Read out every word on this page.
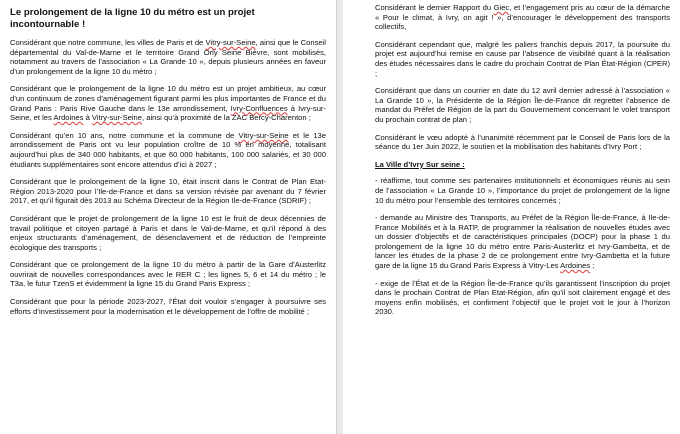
Le prolongement de la ligne 10 du métro est un projet incontournable !

Considérant que notre commune, les villes de Paris et de Vitry-sur-Seine, ainsi que le Conseil départemental du Val-de-Marne et le territoire Grand Orly Seine Bièvre, sont mobilisés, notamment au travers de l’association « La Grande 10 », depuis plusieurs années en faveur d’un prolongement de la ligne 10 du métro ;

Considérant que le prolongement de la ligne 10 du métro est un projet ambitieux, au cœur d’un continuum de zones d’aménagement figurant parmi les plus importantes de France et du Grand Paris : Paris Rive Gauche dans le 13e arrondissement, Ivry-Confluences à Ivry-sur-Seine, et les Ardoines à Vitry-sur-Seine, ainsi qu’à proximité de la ZAC Bercy-Charenton ;

Considérant qu’en 10 ans, notre commune et la commune de Vitry-sur-Seine et le 13e arrondissement de Paris ont vu leur population croître de 10 % en moyenne, totalisant aujourd’hui plus de 340 000 habitants, et que 60 000 habitants, 100 000 salariés, et 30 000 étudiants supplémentaires sont encore attendus d’ici à 2027 ;

Considérant que le prolongement de la ligne 10, était inscrit dans le Contrat de Plan Etat-Région 2013-2020 pour l’Ile-de-France et dans sa version révisée par avenant du 7 février 2017, et qu’il figurait dès 2013 au Schéma Directeur de la Région Ile-de-France (SDRIF) ;

Considérant que le projet de prolongement de la ligne 10 est le fruit de deux décennies de travail politique et citoyen partagé à Paris et dans le Val-de-Marne, et qu’il répond à des enjeux structurants d’aménagement, de désenclavement et de réduction de l’empreinte écologique des transports ;

Considérant que ce prolongement de la ligne 10 du métro à partir de la Gare d’Austerlitz ouvrirait de nouvelles correspondances avec le RER C ; les lignes 5, 6 et 14 du métro ; le T3a, le futur TzenS et évidemment la ligne 15 du Grand Paris Express ;

Considérant que pour la période 2023-2027, l’État doit vouloir s’engager à poursuivre ses efforts d’investissement pour la modernisation et le développement de l’offre de mobilité ;

Considérant le dernier Rapport du Giec, et l’engagement pris au cœur de la démarche « Pour le climat, à Ivry, on agit ! », d’encourager le développement des transports collectifs,

Considérant cependant que, malgré les paliers franchis depuis 2017, la poursuite du projet est aujourd’hui remise en cause par l’absence de visibilité quant à la réalisation des études nécessaires dans le cadre du prochain Contrat de Plan État-Région (CPER) ;

Considérant que dans un courrier en date du 12 avril dernier adressé à l’association « La Grande 10 », la Présidente de la Région Île-de-France dit regretter l’absence de mandat du Préfet de Région de la part du Gouvernement concernant le volet transport du prochain contrat de plan ;

Considérant le vœu adopté à l’unanimité récemment par le Conseil de Paris lors de la séance du 1er Juin 2022, le soutien et la mobilisation des habitants d’Ivry Port ;

La Ville d’Ivry Sur seine :

- réaffirme, tout comme ses partenaires institutionnels et économiques réunis au sein de l’association « La Grande 10 », l’importance du projet de prolongement de la ligne 10 du métro pour l’ensemble des territoires concernés ;

- demande au Ministre des Transports, au Préfet de la Région Île-de-France, à Ile-de-France Mobilités et à la RATP, de programmer la réalisation de nouvelles études avec un dossier d’objectifs et de caractéristiques principales (DOCP) pour la phase 1 du prolongement de la ligne 10 du métro entre Paris-Austerlitz et Ivry-Gambetta, et de lancer les études de la phase 2 de ce prolongement entre Ivry-Gambetta et la future gare de la ligne 15 du Grand Paris Express à Vitry-Les Ardoines ;

- exige de l’État et de la Région Île-de-France qu’ils garantissent l’inscription du projet dans le prochain Contrat de Plan Etat-Région, afin qu’il soit clairement engagé et des moyens enfin mobilisés, et confirment l’objectif que le projet voit le jour à l’horizon 2030.
